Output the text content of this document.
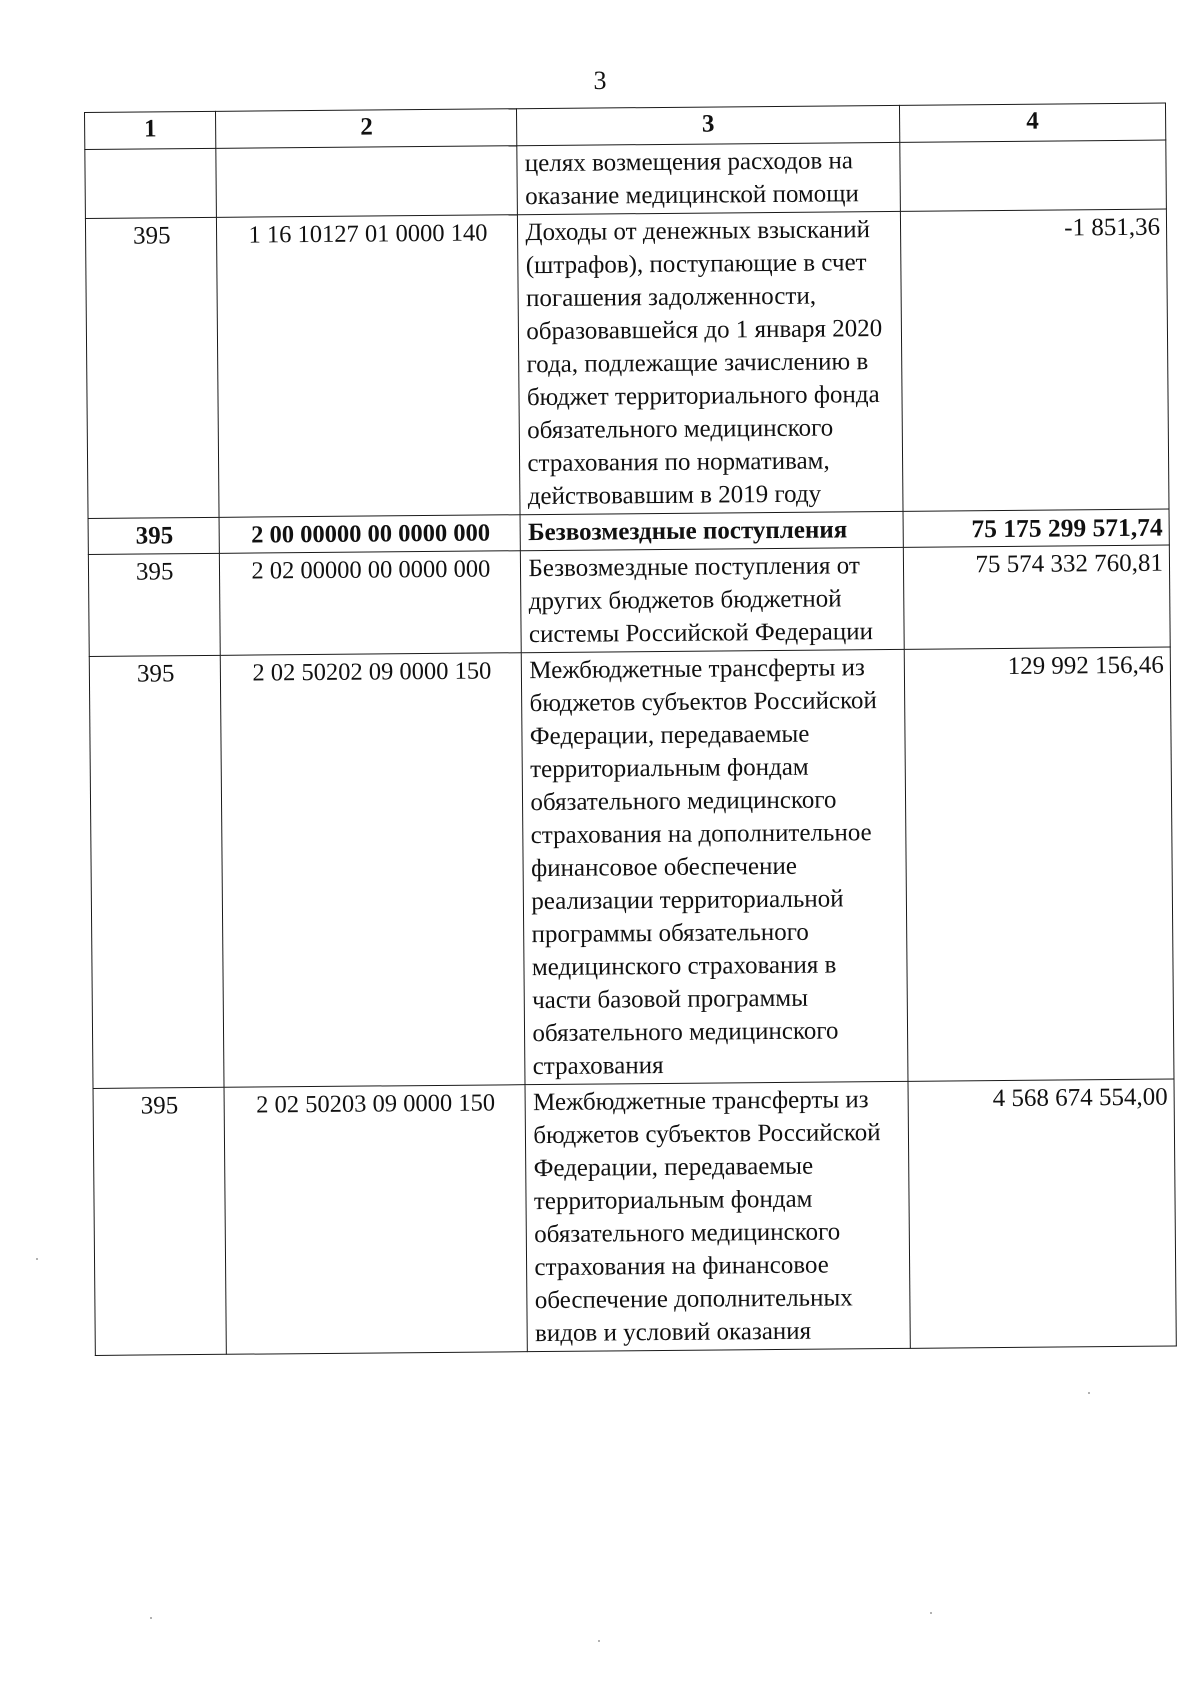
3
1	2	3	4
		целях возмещения расходов на оказание медицинской помощи	
395	1 16 10127 01 0000 140	Доходы от денежных взысканий (штрафов), поступающие в счет погашения задолженности, образовавшейся до 1 января 2020 года, подлежащие зачислению в бюджет территориального фонда обязательного медицинского страхования по нормативам, действовавшим в 2019 году	-1 851,36
395	2 00 00000 00 0000 000	Безвозмездные поступления	75 175 299 571,74
395	2 02 00000 00 0000 000	Безвозмездные поступления от других бюджетов бюджетной системы Российской Федерации	75 574 332 760,81
395	2 02 50202 09 0000 150	Межбюджетные трансферты из бюджетов субъектов Российской Федерации, передаваемые территориальным фондам обязательного медицинского страхования на дополнительное финансовое обеспечение реализации территориальной программы обязательного медицинского страхования в части базовой программы обязательного медицинского страхования	129 992 156,46
395	2 02 50203 09 0000 150	Межбюджетные трансферты из бюджетов субъектов Российской Федерации, передаваемые территориальным фондам обязательного медицинского страхования на финансовое обеспечение дополнительных видов и условий оказания	4 568 674 554,00
